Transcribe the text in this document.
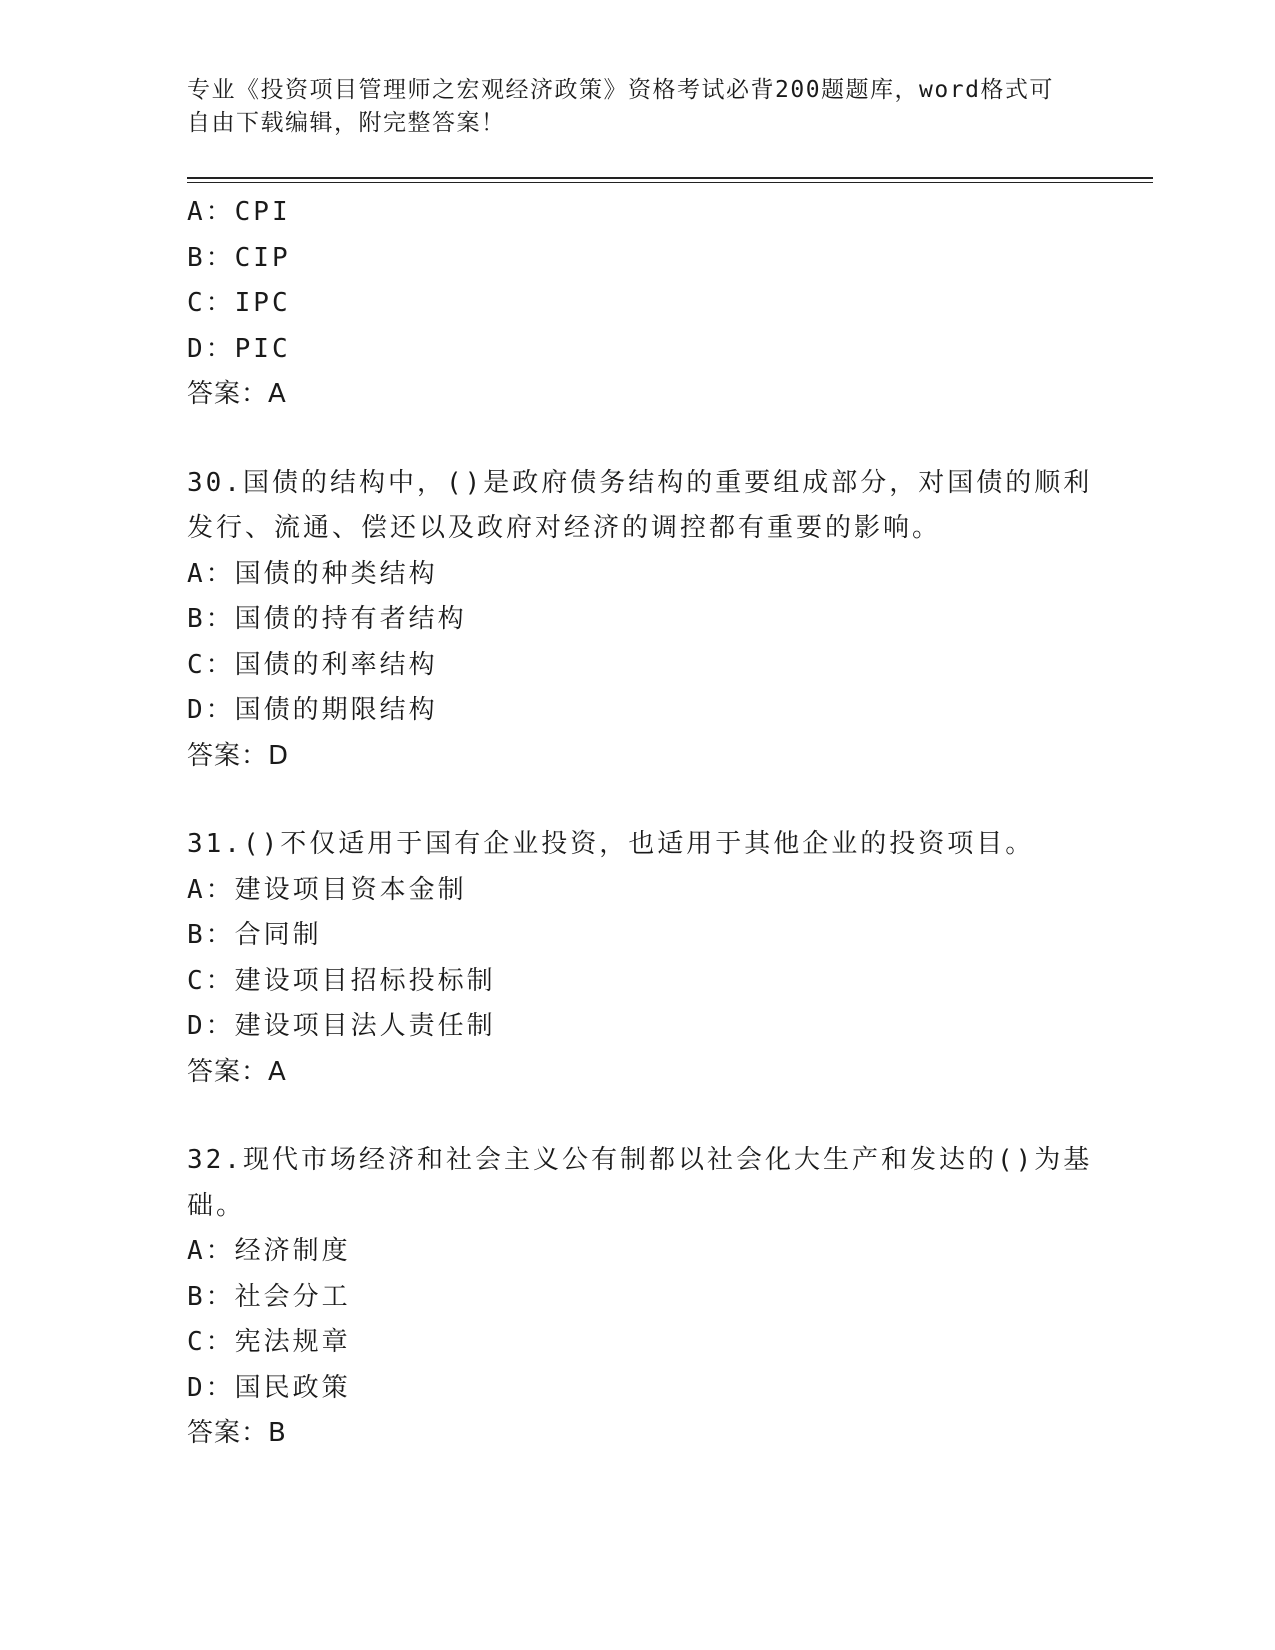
专业《投资项目管理师之宏观经济政策》资格考试必背200题题库，word格式可
自由下载编辑，附完整答案！
A：CPI
B：CIP
C：IPC
D：PIC
答案：A
30.国债的结构中，()是政府债务结构的重要组成部分，对国债的顺利
发行、流通、偿还以及政府对经济的调控都有重要的影响。
A：国债的种类结构
B：国债的持有者结构
C：国债的利率结构
D：国债的期限结构
答案：D
31.()不仅适用于国有企业投资，也适用于其他企业的投资项目。
A：建设项目资本金制
B：合同制
C：建设项目招标投标制
D：建设项目法人责任制
答案：A
32.现代市场经济和社会主义公有制都以社会化大生产和发达的()为基
础。
A：经济制度
B：社会分工
C：宪法规章
D：国民政策
答案：B
